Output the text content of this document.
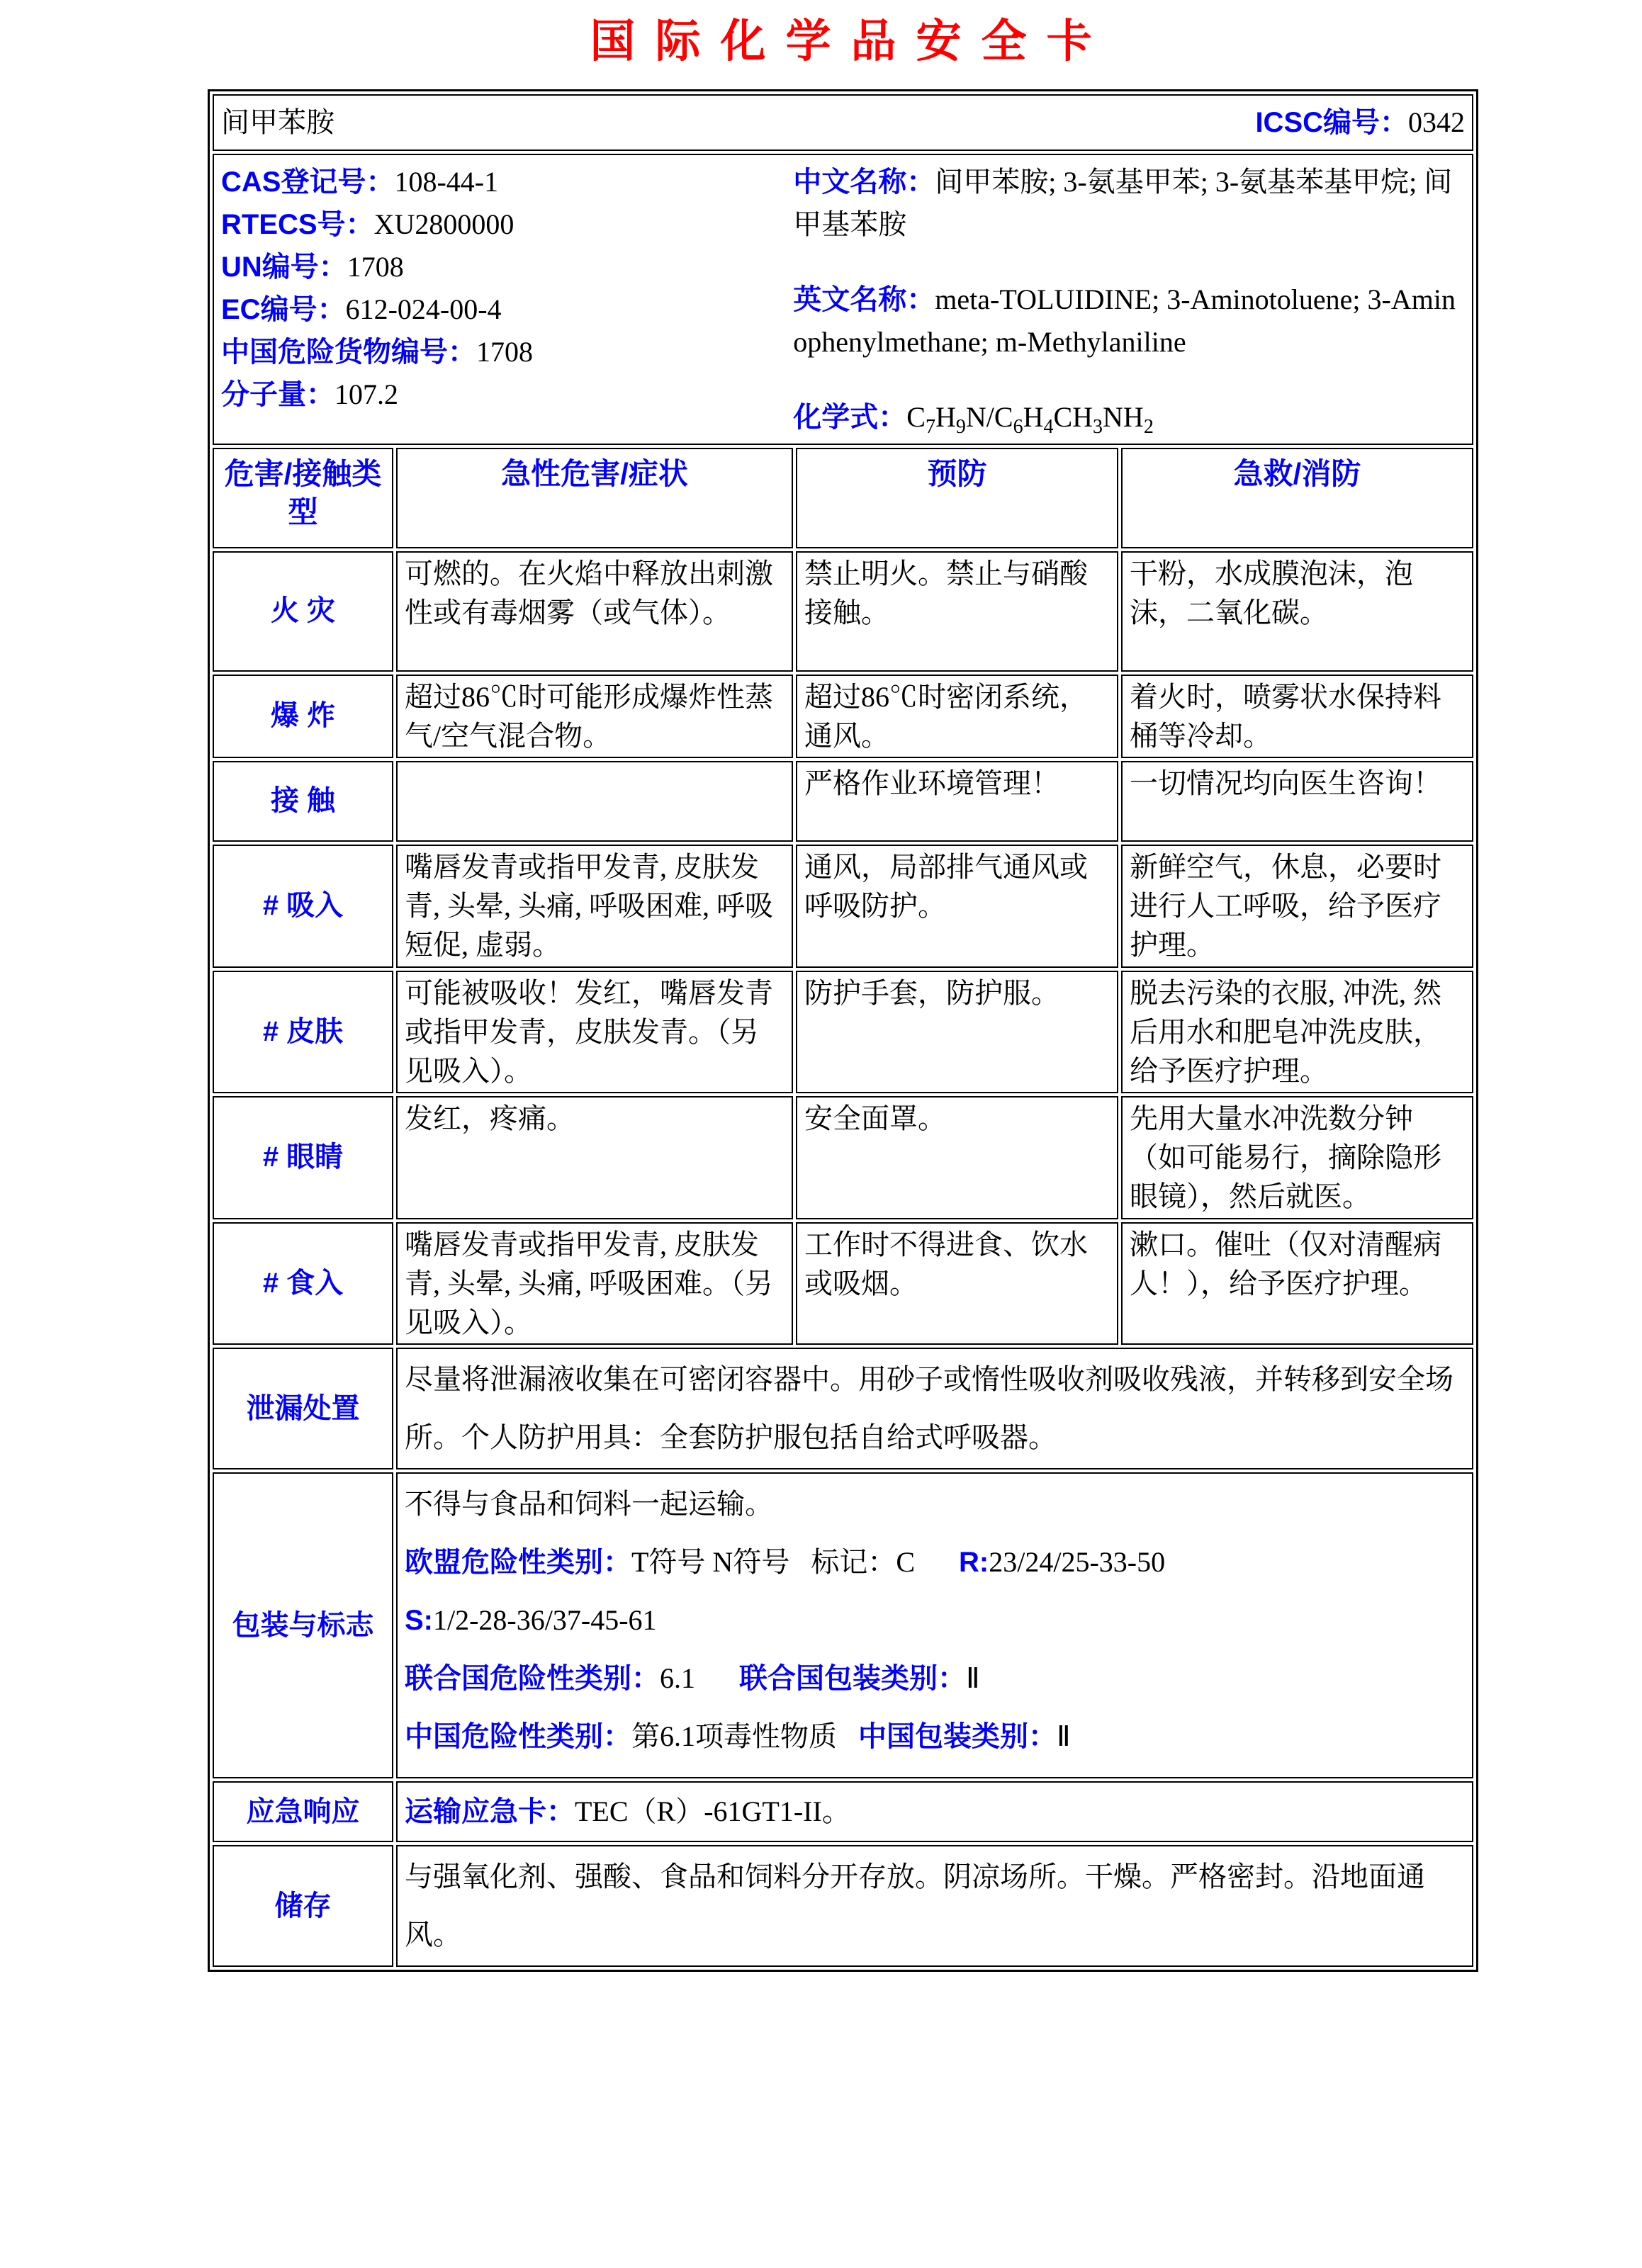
国际化学品安全卡
间甲苯胺 ICSC编号：0342			

CAS登记号：108-44-1
RTECS号：XU2800000
UN编号：1708
EC编号：612-024-00-4
中国危险货物编号：1708
分子量：107.2
中文名称：间甲苯胺; 3-氨基甲苯; 3-氨基苯基甲烷; 间甲基苯胺
英文名称：meta-TOLUIDINE; 3-Aminotoluene; 3-Aminophenylmethane; m-Methylaniline
化学式：$C_7H_9N/C_6H_4CH_3NH_2$

危害/接触类型	急性危害/症状	预防	急救/消防
火 灾	可燃的。在火焰中释放出刺激性或有毒烟雾（或气体）。	禁止明火。禁止与硝酸接触。	干粉，水成膜泡沫，泡沫，二氧化碳。
爆 炸	超过86℃时可能形成爆炸性蒸气/空气混合物。	超过86℃时密闭系统，通风。	着火时，喷雾状水保持料桶等冷却。
接 触		严格作业环境管理！	一切情况均向医生咨询！
# 吸入	嘴唇发青或指甲发青, 皮肤发青, 头晕, 头痛, 呼吸困难, 呼吸短促, 虚弱。	通风，局部排气通风或呼吸防护。	新鲜空气，休息，必要时进行人工呼吸，给予医疗护理。
# 皮肤	可能被吸收！发红，嘴唇发青或指甲发青，皮肤发青。（另见吸入）。	防护手套，防护服。	脱去污染的衣服, 冲洗, 然后用水和肥皂冲洗皮肤，给予医疗护理。
# 眼睛	发红，疼痛。	安全面罩。	先用大量水冲洗数分钟（如可能易行，摘除隐形眼镜），然后就医。
# 食入	嘴唇发青或指甲发青, 皮肤发青, 头晕, 头痛, 呼吸困难。（另见吸入）。	工作时不得进食、饮水或吸烟。	漱口。催吐（仅对清醒病人！），给予医疗护理。
泄漏处置	尽量将泄漏液收集在可密闭容器中。用砂子或惰性吸收剂吸收残液，并转移到安全场所。个人防护用具：全套防护服包括自给式呼吸器。		
包装与标志	不得与食品和饲料一起运输。
欧盟危险性类别：T符号 N符号 标记：C R:23/24/25-33-50
S:1/2-28-36/37-45-61
联合国危险性类别：6.1 联合国包装类别：Ⅱ
中国危险性类别：第6.1项毒性物质 中国包装类别：Ⅱ		

应急响应	运输应急卡：TEC（R）-61GT1-II。		
储存	与强氧化剂、强酸、食品和饲料分开存放。阴凉场所。干燥。严格密封。沿地面通风。		
